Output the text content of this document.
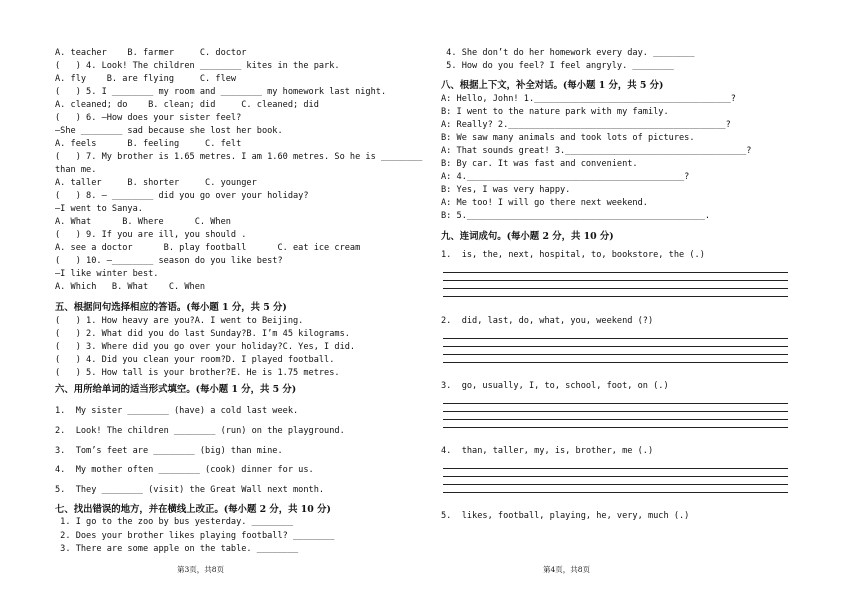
A. teacher    B. farmer     C. doctor
(   ) 4. Look! The children ________ kites in the park.
A. fly    B. are flying     C. flew
(   ) 5. I ________ my room and ________ my homework last night.
A. cleaned; do    B. clean; did     C. cleaned; did
(   ) 6. —How does your sister feel?
—She ________ sad because she lost her book.
A. feels      B. feeling     C. felt
(   ) 7. My brother is 1.65 metres. I am 1.60 metres. So he is ________
than me.
A. taller     B. shorter     C. younger
(   ) 8. — ________ did you go over your holiday?
—I went to Sanya.
A. What      B. Where      C. When
(   ) 9. If you are ill, you should .
A. see a doctor      B. play football      C. eat ice cream
(   ) 10. —________ season do you like best?
—I like winter best.
A. Which   B. What    C. When
五、根据问句选择相应的答语。(每小题 1 分，共 5 分)
(   ) 1. How heavy are you?A. I went to Beijing.
(   ) 2. What did you do last Sunday?B. I’m 45 kilograms.
(   ) 3. Where did you go over your holiday?C. Yes, I did.
(   ) 4. Did you clean your room?D. I played football.
(   ) 5. How tall is your brother?E. He is 1.75 metres.
六、用所给单词的适当形式填空。(每小题 1 分，共 5 分)
1.  My sister ________ (have) a cold last week.
2.  Look! The children ________ (run) on the playground.
3.  Tom’s feet are ________ (big) than mine.
4.  My mother often ________ (cook) dinner for us.
5.  They ________ (visit) the Great Wall next month.
七、找出错误的地方，并在横线上改正。(每小题 2 分，共 10 分)
1. I go to the zoo by bus yesterday. ________
2. Does your brother likes playing football? ________
3. There are some apple on the table. ________
第3页，共8页
4. She don’t do her homework every day. ________
5. How do you feel? I feel angryly. ________
八、根据上下文，补全对话。(每小题 1 分，共 5 分)
A: Hello, John! 1.______________________________________?
B: I went to the nature park with my family.
A: Really? 2.__________________________________________?
B: We saw many animals and took lots of pictures.
A: That sounds great! 3.___________________________________?
B: By car. It was fast and convenient.
A: 4.__________________________________________?
B: Yes, I was very happy.
A: Me too! I will go there next weekend.
B: 5.______________________________________________.
九、连词成句。(每小题 2 分，共 10 分)
1.  is, the, next, hospital, to, bookstore, the (.)
2.  did, last, do, what, you, weekend (?)
3.  go, usually, I, to, school, foot, on (.)
4.  than, taller, my, is, brother, me (.)
5.  likes, football, playing, he, very, much (.)
第4页，共8页
